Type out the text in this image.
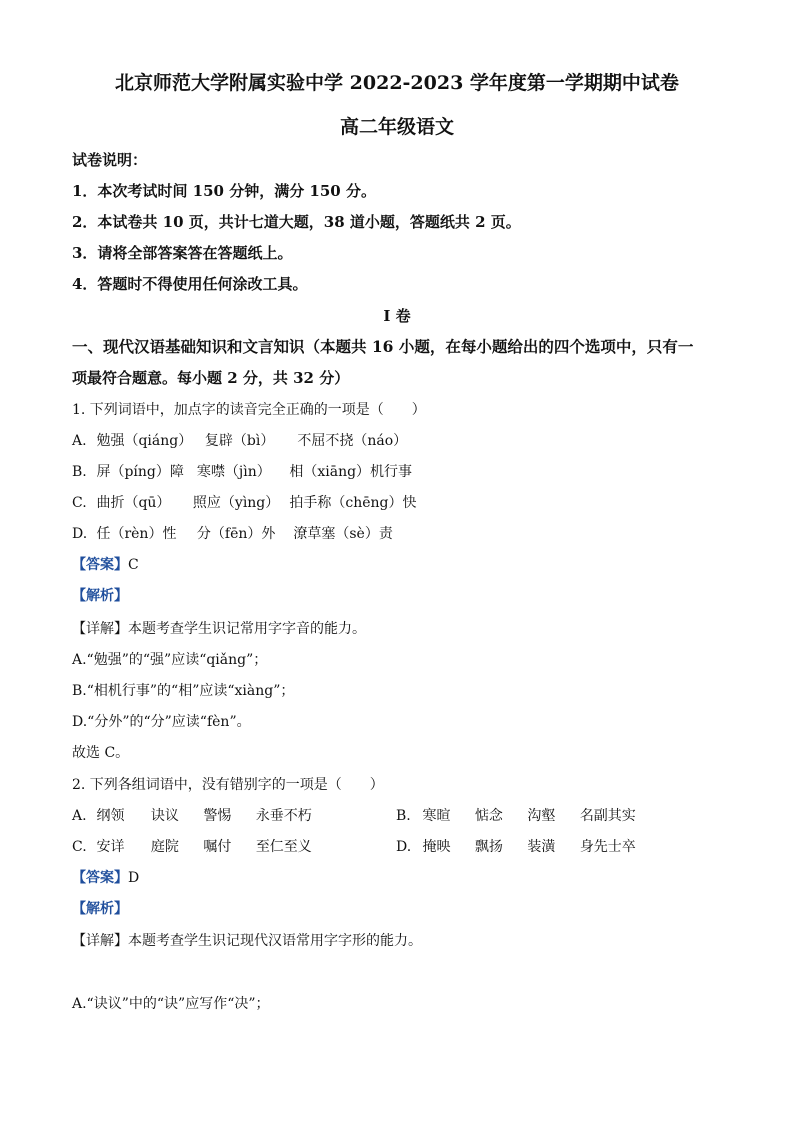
北京师范大学附属实验中学 2022-2023 学年度第一学期期中试卷
高二年级语文
试卷说明：
1．本次考试时间 150 分钟，满分 150 分。
2．本试卷共 10 页，共计七道大题，38 道小题，答题纸共 2 页。
3．请将全部答案答在答题纸上。
4．答题时不得使用任何涂改工具。
I 卷
一、现代汉语基础知识和文言知识（本题共 16 小题，在每小题给出的四个选项中，只有一
项最符合题意。每小题 2 分，共 32 分）
1. 下列词语中，加点字的读音完全正确的一项是（　　）
A. 勉强（qiáng） 复辟（bì） 不屈不挠（náo）
B. 屏（píng）障 寒噤（jìn） 相（xiāng）机行事
C. 曲折（qū） 照应（yìng） 拍手称（chēng）快
D. 任（rèn）性 分（fēn）外 潦草塞（sè）责
【答案】C
【解析】
【详解】本题考查学生识记常用字字音的能力。
A.“勉强”的“强”应读“qiǎng”；
B.“相机行事”的“相”应读“xiàng”；
D.“分外”的“分”应读“fèn”。
故选 C。
2. 下列各组词语中，没有错别字的一项是（　　）
A. 纲领 诀议 警惕 永垂不朽	B. 寒暄 惦念 沟壑 名副其实
C. 安详 庭院 嘱付 至仁至义	D. 掩映 飘扬 装潢 身先士卒
【答案】D
【解析】
【详解】本题考查学生识记现代汉语常用字字形的能力。
A.“诀议”中的“诀”应写作“决”；
